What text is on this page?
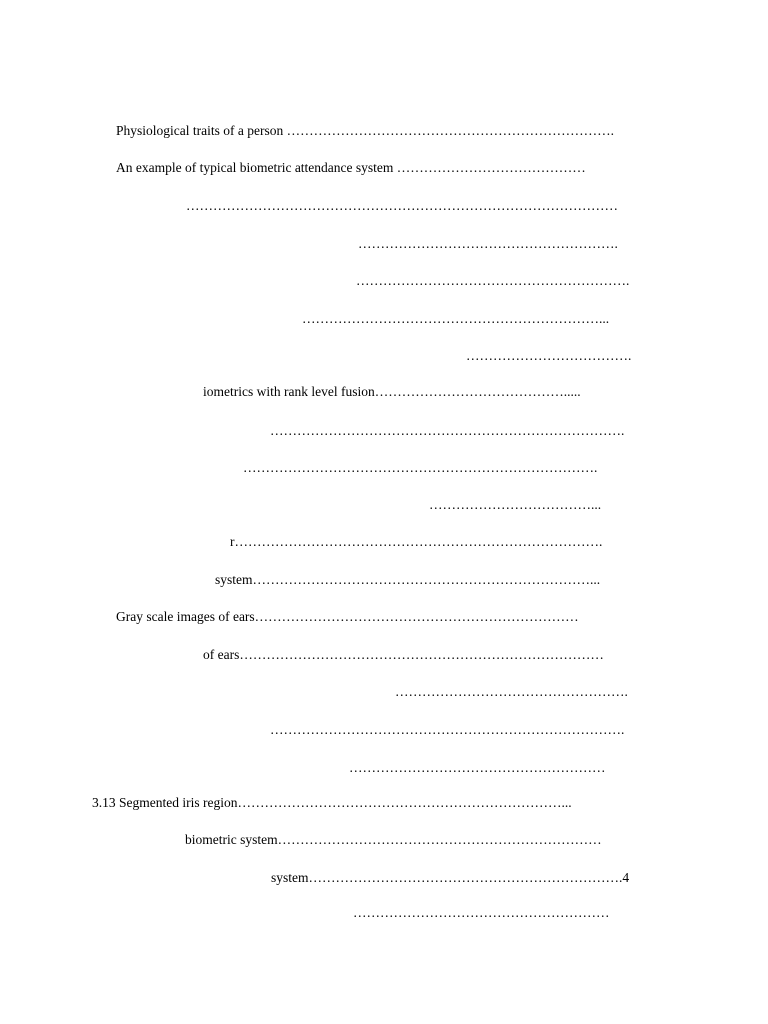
Physiological traits of a person ……………………………………………………………….
An example of typical biometric attendance system ……………………………………
……………………………………………………………………………………
………………………………………………….
…………………………………………………….
…………………………………………………………...
……………………………….
iometrics with rank level fusion…………………………………….....
…………………………………………………………………….
…………………………………………………………………….
………………………………...
r……………………………………………………………………….
system…………………………………………………………………...
Gray scale images of ears………………………………………………………………
of ears………………………………………………………………………
…………………………………………….
…………………………………………………………………….
…………………………………………………
3.13 Segmented iris region………………………………………………………………...
biometric system………………………………………………………………
system…………………………………………………………….4
…………………………………………………
